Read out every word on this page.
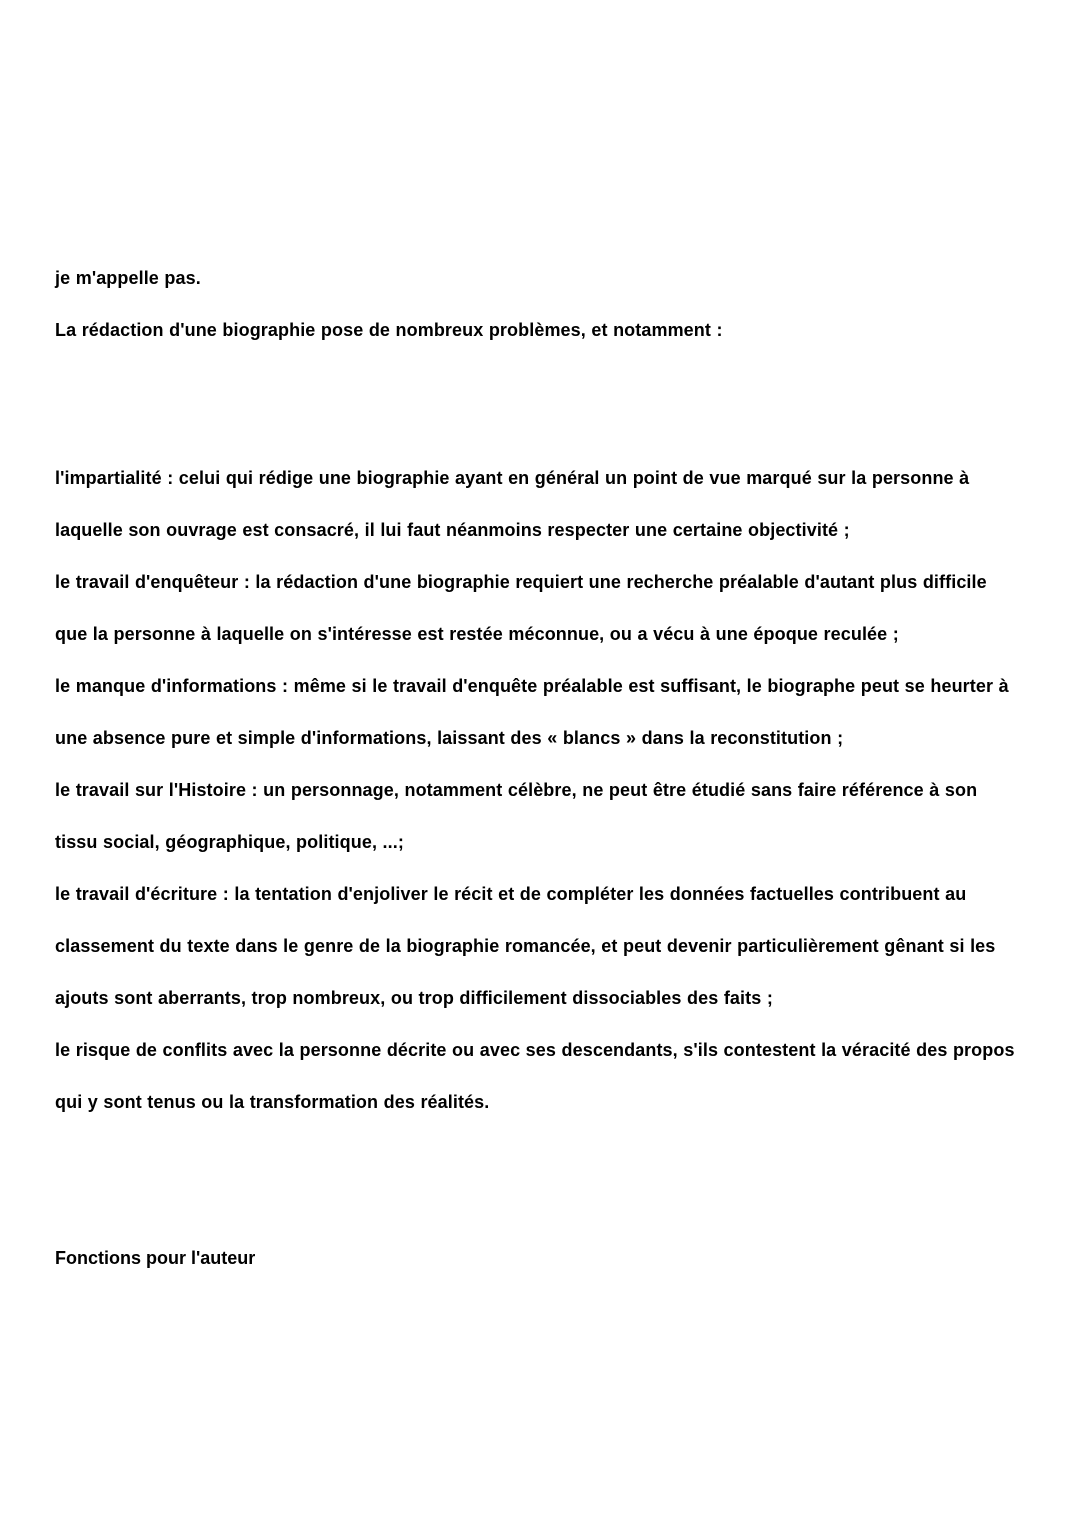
je m'appelle pas.

La rédaction d'une biographie pose de nombreux problèmes, et notamment :

l'impartialité : celui qui rédige une biographie ayant en général un point de vue marqué sur la personne à laquelle son ouvrage est consacré, il lui faut néanmoins respecter une certaine objectivité ;

le travail d'enquêteur : la rédaction d'une biographie requiert une recherche préalable d'autant plus difficile que la personne à laquelle on s'intéresse est restée méconnue, ou a vécu à une époque reculée ;

le manque d'informations : même si le travail d'enquête préalable est suffisant, le biographe peut se heurter à une absence pure et simple d'informations, laissant des « blancs » dans la reconstitution ;

le travail sur l'Histoire : un personnage, notamment célèbre, ne peut être étudié sans faire référence à son tissu social, géographique, politique, ...;

le travail d'écriture : la tentation d'enjoliver le récit et de compléter les données factuelles contribuent au classement du texte dans le genre de la biographie romancée, et peut devenir particulièrement gênant si les ajouts sont aberrants, trop nombreux, ou trop difficilement dissociables des faits ;

le risque de conflits avec la personne décrite ou avec ses descendants, s'ils contestent la véracité des propos qui y sont tenus ou la transformation des réalités.

Fonctions pour l'auteur
